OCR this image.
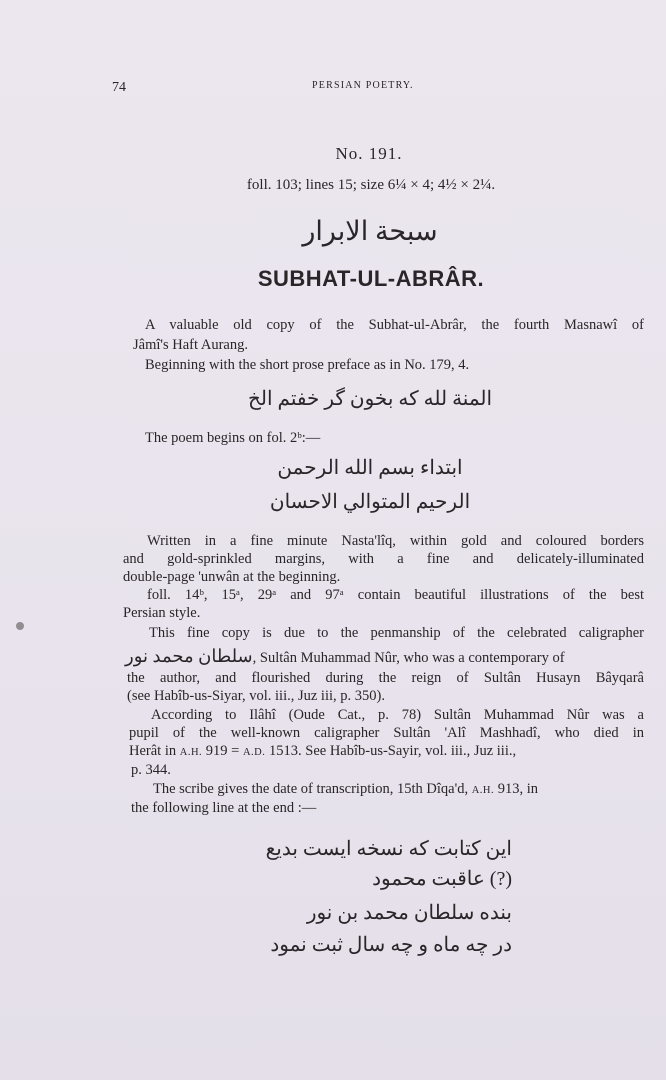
74	PERSIAN POETRY.
No. 191.
foll. 103; lines 15; size 6¼ × 4; 4½ × 2¼.
سبحة الابرار
SUBHAT-UL-ABRÂR.
A valuable old copy of the Subhat-ul-Abrâr, the fourth Masnawî of
Jâmî's Haft Aurang.
Beginning with the short prose preface as in No. 179, 4.
المنة لله كه بخون گر خفتم الخ
The poem begins on fol. 2ᵇ:—
ابتداء بسم الله الرحمن
الرحيم المتوالي الاحسان
Written in a fine minute Nasta'lîq, within gold and coloured borders
and gold-sprinkled margins, with a fine and delicately-illuminated
double-page 'unwân at the beginning.
foll. 14ᵇ, 15ᵃ, 29ᵃ and 97ᵃ contain beautiful illustrations of the best
Persian style.
This fine copy is due to the penmanship of the celebrated caligrapher
سلطان محمد نور, Sultân Muhammad Nûr, who was a contemporary of
the author, and flourished during the reign of Sultân Husayn Bâyqarâ
(see Habîb-us-Siyar, vol. iii., Juz iii, p. 350).
According to Ilâhî (Oude Cat., p. 78) Sultân Muhammad Nûr was a
pupil of the well-known caligrapher Sultân 'Alî Mashhadî, who died in
Herât in A.H. 919 = A.D. 1513. See Habîb-us-Sayir, vol. iii., Juz iii.,
p. 344.
The scribe gives the date of transcription, 15th Dîqa'd, A.H. 913, in
the following line at the end :—
این کتابت که نسخه ایست بدیع
(?) عاقبت محمود
بنده سلطان محمد بن نور
در چه ماه و چه سال ثبت نمود
